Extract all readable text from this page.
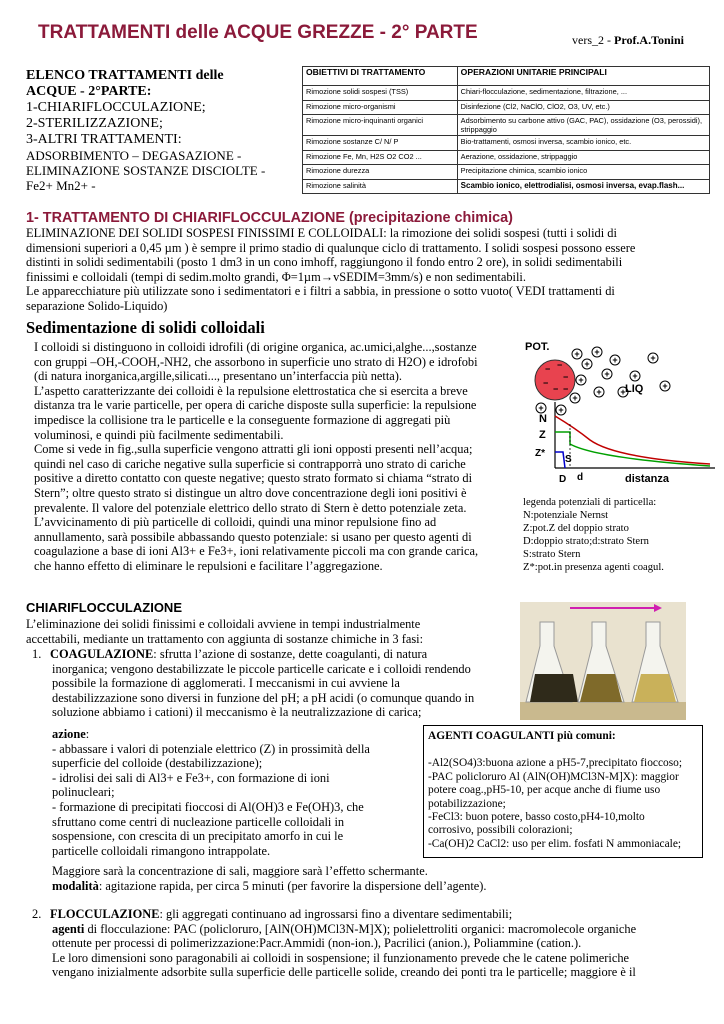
TRATTAMENTI delle ACQUE GREZZE - 2° PARTE	vers_2 - Prof.A.Tonini
ELENCO TRATTAMENTI delle
ACQUE - 2°PARTE:
1-CHIARIFLOCCULAZIONE;
2-STERILIZZAZIONE;
3-ALTRI TRATTAMENTI:
ADSORBIMENTO – DEGASAZIONE -
ELIMINAZIONE SOSTANZE DISCIOLTE -
Fe2+ Mn2+ -
OBIETTIVI DI TRATTAMENTO	OPERAZIONI UNITARIE PRINCIPALI
Rimozione solidi sospesi (TSS)	Chiari-flocculazione, sedimentazione, filtrazione, ...
Rimozione micro-organismi	Disinfezione (Cl2, NaClO, ClO2, O3, UV, etc.)
Rimozione micro-inquinanti organici	Adsorbimento su carbone attivo (GAC, PAC), ossidazione (O3, perossidi), strippaggio
Rimozione sostanze C/ N/ P	Bio-trattamenti, osmosi inversa, scambio ionico, etc.
Rimozione Fe, Mn, H2S O2 CO2 ...	Aerazione, ossidazione, strippaggio
Rimozione durezza	Precipitazione chimica, scambio ionico
Rimozione salinità	Scambio ionico, elettrodialisi, osmosi inversa, evap.flash...
1- TRATTAMENTO DI CHIARIFLOCCULAZIONE (precipitazione chimica)
ELIMINAZIONE DEI SOLIDI SOSPESI FINISSIMI E COLLOIDALI: la rimozione dei solidi sospesi (tutti i solidi di
dimensioni superiori a 0,45 µm ) è sempre il primo stadio di qualunque ciclo di trattamento. I solidi sospesi possono essere
distinti in solidi sedimentabili (posto 1 dm3 in un cono imhoff, raggiungono il fondo entro 2 ore), in solidi sedimentabili
finissimi e colloidali (tempi di sedim.molto grandi, Φ=1µm→vSEDIM=3mm/s) e non sedimentabili.
Le apparecchiature più utilizzate sono i sedimentatori e i filtri a sabbia, in pressione o sotto vuoto( VEDI trattamenti di
separazione Solido-Liquido)
Sedimentazione di solidi colloidali
I colloidi si distinguono in colloidi idrofili (di origine organica, ac.umici,alghe...,sostanze
con gruppi –OH,-COOH,-NH2, che assorbono in superficie uno strato di H2O) e idrofobi
(di natura inorganica,argille,silicati..., presentano un’interfaccia più netta).
L’aspetto caratterizzante dei colloidi è la repulsione elettrostatica che si esercita a breve
distanza tra le varie particelle, per opera di cariche disposte sulla superficie: la repulsione
impedisce la collisione tra le particelle e la conseguente formazione di aggregati più
voluminosi, e quindi più facilmente sedimentabili.
Come si vede in fig.,sulla superficie vengono attratti gli ioni opposti presenti nell’acqua;
quindi nel caso di cariche negative sulla superficie si contrapporrà uno strato di cariche
positive a diretto contatto con queste negative; questo strato formato si chiama “strato di
Stern”; oltre questo strato si distingue un altro dove concentrazione degli ioni positivi è
prevalente. Il valore del potenziale elettrico dello strato di Stern è detto potenziale zeta.
L’avvicinamento di più particelle di colloidi, quindi una minor repulsione fino ad
annullamento, sarà possibile abbassando questo potenziale: si usano per questo agenti di
coagulazione a base di ioni Al3+ e Fe3+, ioni relativamente piccoli ma con grande carica,
che hanno effetto di eliminare le repulsioni e facilitare l’aggregazione.
− −
−
−
− −
+
+
+
+
+
+
+
+ +
+ +
+
+
+
POT.
LIQ
N
Z
Z*
S
D d	distanza
legenda potenziali di particella:
N:potenziale Nernst
Z:pot.Z del doppio strato
D:doppio strato;d:strato Stern
S:strato Stern
Z*:pot.in presenza agenti coagul.
CHIARIFLOCCULAZIONE
L’eliminazione dei solidi finissimi e colloidali avviene in tempi industrialmente
accettabili, mediante un trattamento con aggiunta di sostanze chimiche in 3 fasi:
1. COAGULAZIONE: sfrutta l’azione di sostanze, dette coagulanti, di natura
inorganica; vengono destabilizzate le piccole particelle caricate e i colloidi rendendo
possibile la formazione di agglomerati. I meccanismi in cui avviene la
destabilizzazione sono diversi in funzione del pH; a pH acidi (o comunque quando in
soluzione abbiamo i cationi) il meccanismo è la neutralizzazione di carica;
azione:
- abbassare i valori di potenziale elettrico (Z) in prossimità della
superficie del colloide (destabilizzazione);
- idrolisi dei sali di Al3+ e Fe3+, con formazione di ioni
polinucleari;
- formazione di precipitati fioccosi di Al(OH)3 e Fe(OH)3, che
sfruttano come centri di nucleazione particelle colloidali in
sospensione, con crescita di un precipitato amorfo in cui le
particelle colloidali rimangono intrappolate.
Maggiore sarà la concentrazione di sali, maggiore sarà l’effetto schermante.
modalità: agitazione rapida, per circa 5 minuti (per favorire la dispersione dell’agente).
AGENTI COAGULANTI più comuni:
-Al2(SO4)3:buona azione a pH5-7,precipitato fioccoso;
-PAC policloruro Al (AlN(OH)MCl3N-M]X): maggior
potere coag.,pH5-10, per acque anche di fiume uso
potabilizzazione;
-FeCl3: buon potere, basso costo,pH4-10,molto
corrosivo, possibili colorazioni;
-Ca(OH)2 CaCl2: uso per elim. fosfati N ammoniacale;
2. FLOCCULAZIONE: gli aggregati continuano ad ingrossarsi fino a diventare sedimentabili;
agenti di flocculazione: PAC (policloruro, [AlN(OH)MCl3N-M]X); polielettroliti organici: macromolecole organiche
ottenute per processi di polimerizzazione:Pacr.Ammidi (non-ion.), Pacrilici (anion.), Poliammine (cation.).
Le loro dimensioni sono paragonabili ai colloidi in sospensione; il funzionamento prevede che le catene polimeriche
vengano inizialmente adsorbite sulla superficie delle particelle solide, creando dei ponti tra le particelle; maggiore è il
